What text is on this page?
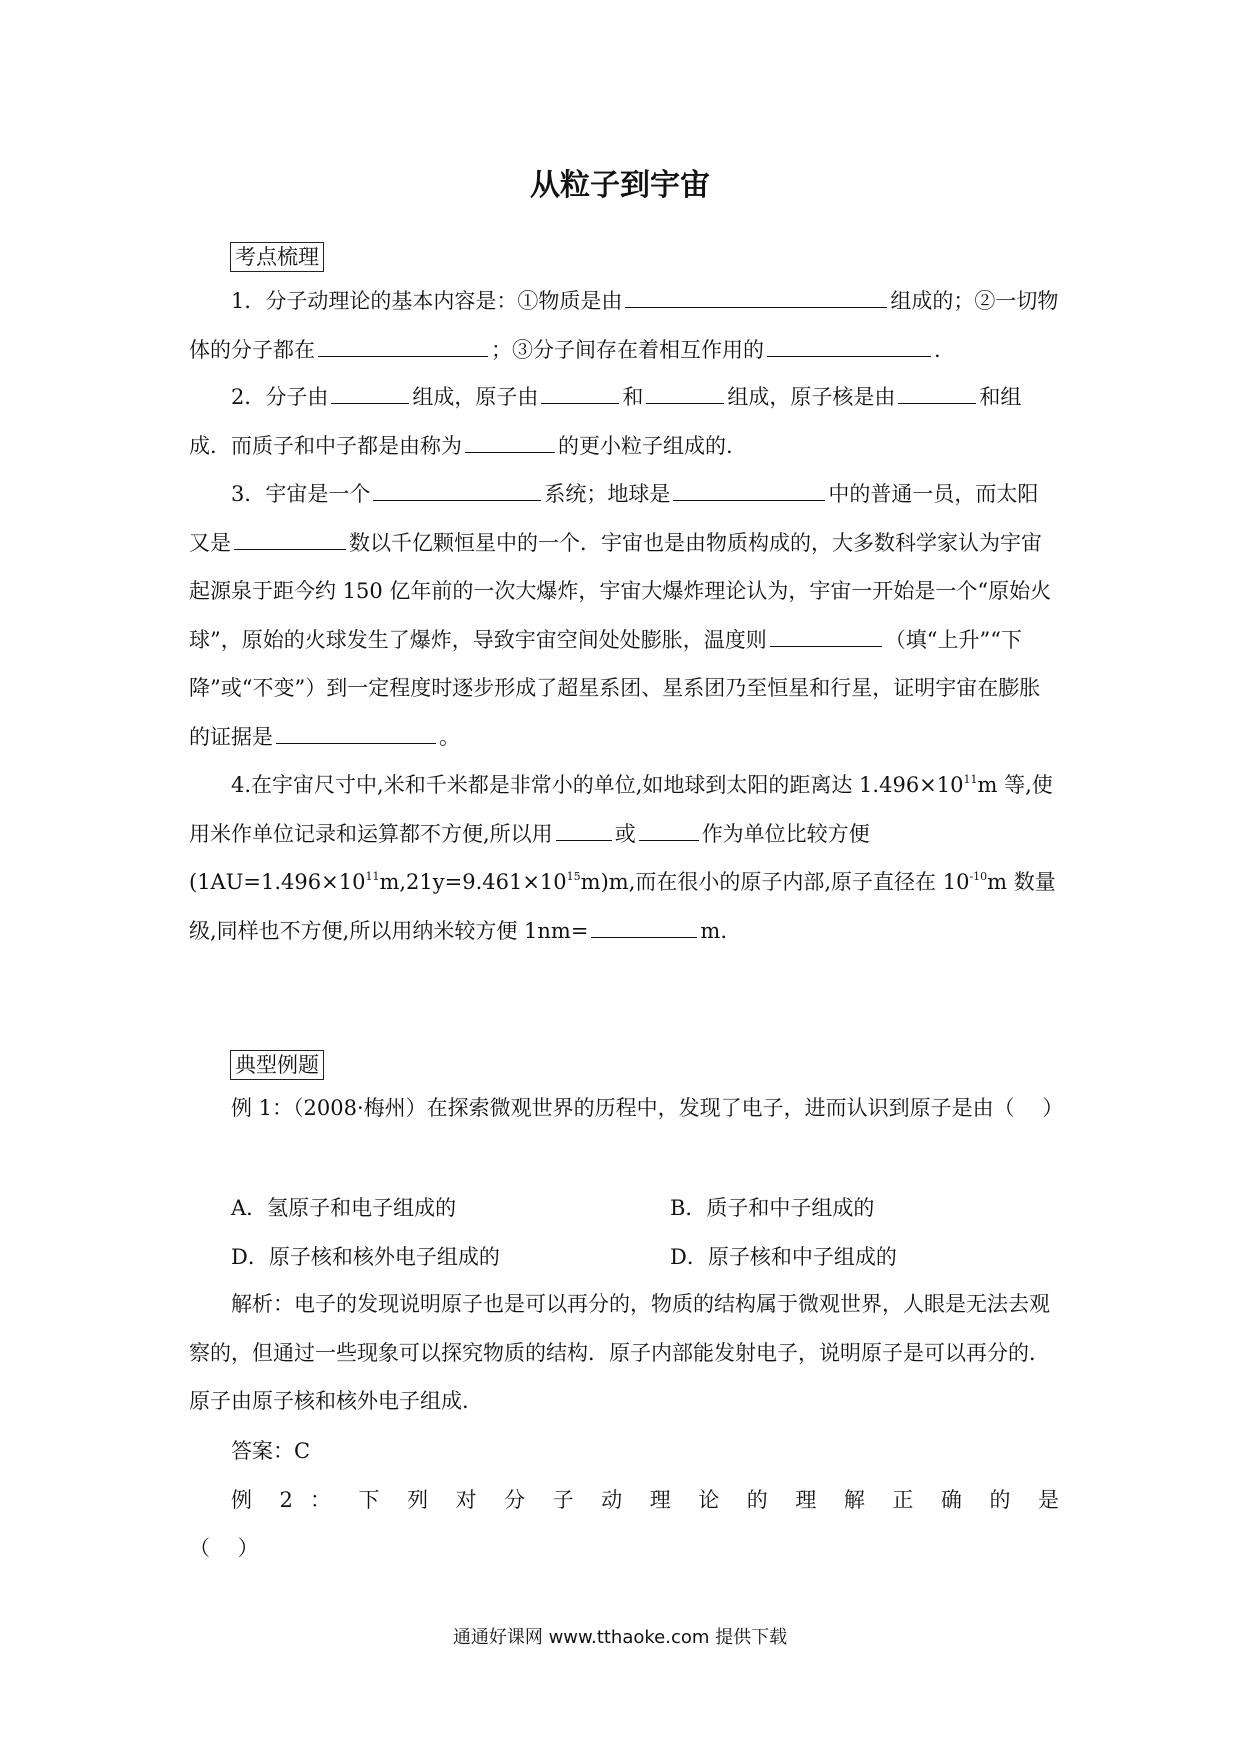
从粒子到宇宙
考点梳理

1．分子动理论的基本内容是：①物质是由	组成的；②一切物体的分子都在	；③分子间存在着相互作用的	.

2．分子由	组成，原子由	和	组成，原子核是由	和组成．而质子和中子都是由称为	的更小粒子组成的.

3．宇宙是一个	系统；地球是	中的普通一员，而太阳又是	数以千亿颗恒星中的一个．宇宙也是由物质构成的，大多数科学家认为宇宙起源泉于距今约 150 亿年前的一次大爆炸，宇宙大爆炸理论认为，宇宙一开始是一个“原始火球”，原始的火球发生了爆炸，导致宇宙空间处处膨胀，温度则	（填“上升”“下降”或“不变”）到一定程度时逐步形成了超星系团、星系团乃至恒星和行星，证明宇宙在膨胀的证据是	。

4.在宇宙尺寸中,米和千米都是非常小的单位,如地球到太阳的距离达 $1.496\times 10^{11}m$ 等,使用米作单位记录和运算都不方便,所以用	或	作为单位比较方便$(1AU=1.496\times 10^{11}m,21y=9.461\times 10^{15}m)m$,而在很小的原子内部,原子直径在 $10^{-10}m$ 数量级,同样也不方便,所以用纳米较方便 1nm=	m.

典型例题

例 1：（2008·梅州）在探索微观世界的历程中，发现了电子，进而认识到原子是由（　 ）

A．氢原子和电子组成的	B．质子和中子组成的
D．原子核和核外电子组成的	D．原子核和中子组成的

解析：电子的发现说明原子也是可以再分的，物质的结构属于微观世界，人眼是无法去观察的，但通过一些现象可以探究物质的结构．原子内部能发射电子，说明原子是可以再分的．原子由原子核和核外电子组成.

答案：C

例 2 ： 下 列 对 分 子 动 理 论 的 理 解 正 确 的 是

（　 ）

通通好课网 www.tthaoke.com 提供下载
